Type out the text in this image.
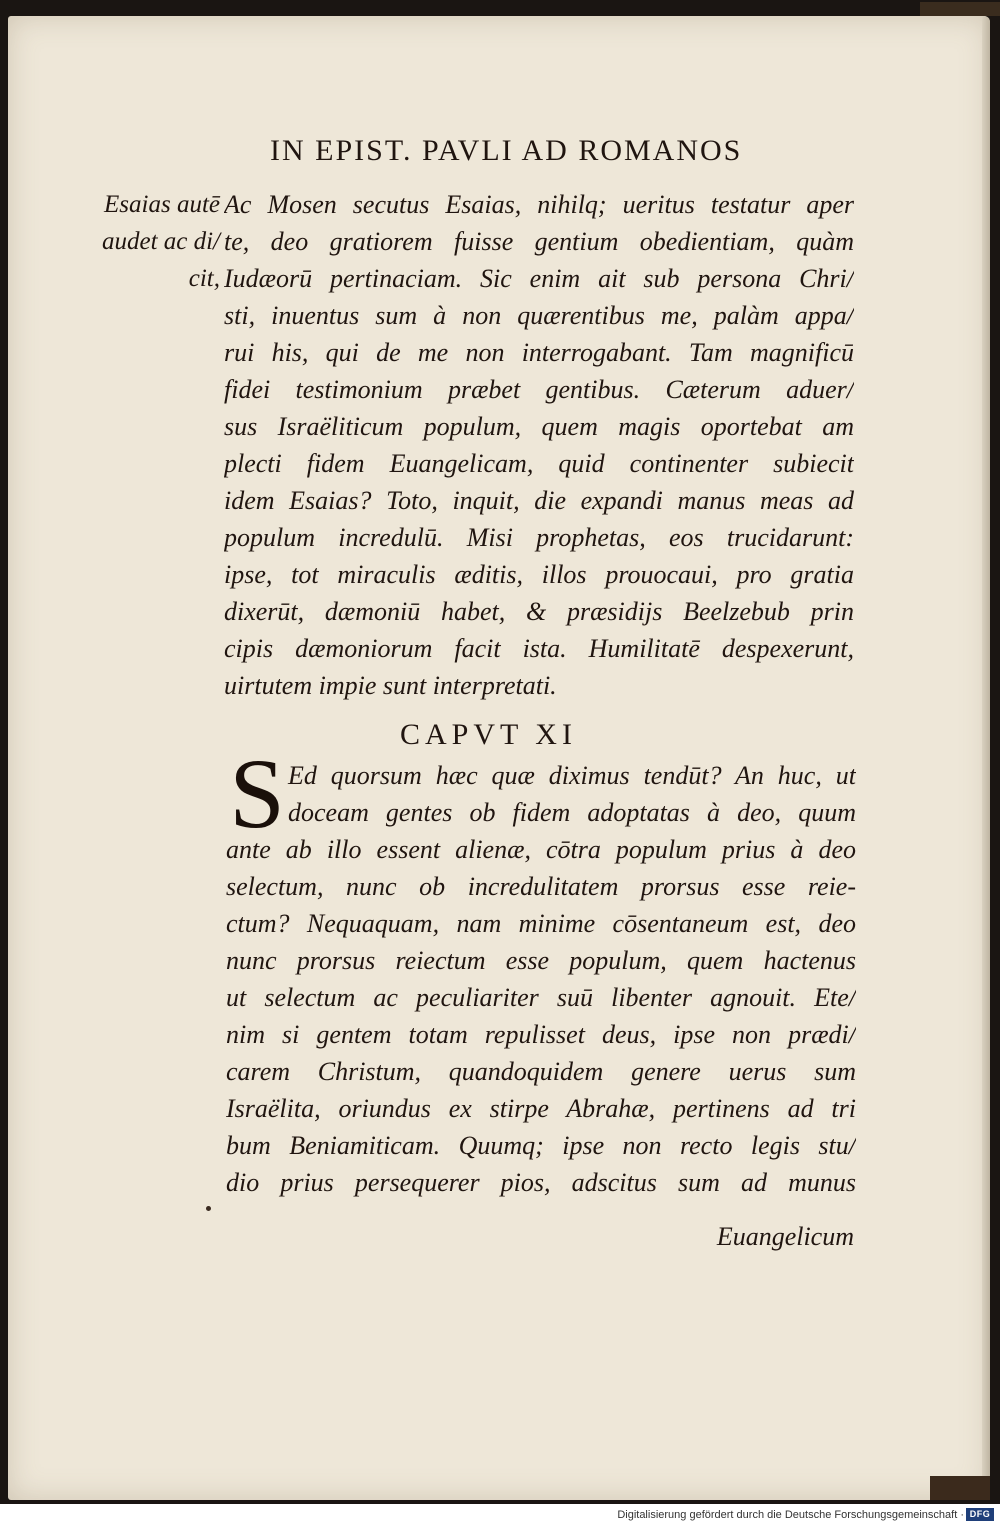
IN EPIST. PAVLI AD ROMANOS
Esaias autē
audet ac di/
cit,
Ac Mosen secutus Esaias, nihilq; ueritus testatur aper
te, deo gratiorem fuisse gentium obedientiam, quàm
Iudæorū pertinaciam. Sic enim ait sub persona Chri/
sti, inuentus sum à non quærentibus me, palàm appa/
rui his, qui de me non interrogabant. Tam magnificū
fidei testimonium præbet gentibus. Cæterum aduer/
sus Israëliticum populum, quem magis oportebat am
plecti fidem Euangelicam, quid continenter subiecit
idem Esaias? Toto, inquit, die expandi manus meas ad
populum incredulū. Misi prophetas, eos trucidarunt:
ipse, tot miraculis æditis, illos prouocaui, pro gratia
dixerūt, dæmoniū habet, & præsidijs Beelzebub prin
cipis dæmoniorum facit ista. Humilitatē despexerunt,
uirtutem impie sunt interpretati.
CAPVT XI
S Ed quorsum hæc quæ diximus tendūt? An huc, ut
doceam gentes ob fidem adoptatas à deo, quum
ante ab illo essent alienæ, cōtra populum prius à deo
selectum, nunc ob incredulitatem prorsus esse reie-
ctum? Nequaquam, nam minime cōsentaneum est, deo
nunc prorsus reiectum esse populum, quem hactenus
ut selectum ac peculiariter suū libenter agnouit. Ete/
nim si gentem totam repulisset deus, ipse non prædi/
carem Christum, quandoquidem genere uerus sum
Israëlita, oriundus ex stirpe Abrahæ, pertinens ad tri
bum Beniamiticam. Quumq; ipse non recto legis stu/
dio prius persequerer pios, adscitus sum ad munus
Euangelicum
Digitalisierung gefördert durch die Deutsche Forschungsgemeinschaft · DFG
